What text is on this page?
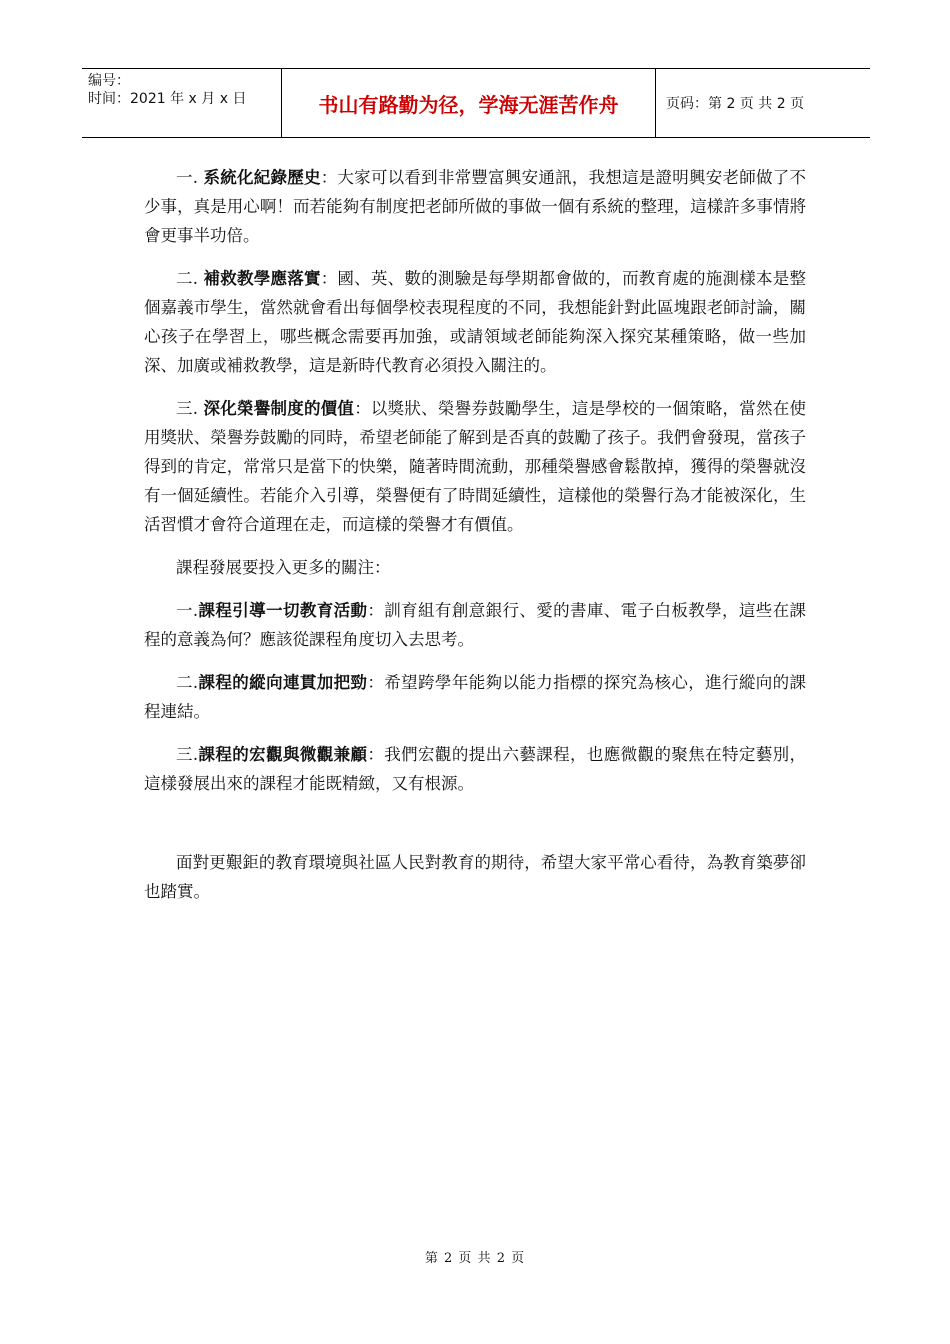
编号：
时间：2021 年 x 月 x 日	书山有路勤为径，学海无涯苦作舟	页码：第 2 页 共 2 页

一. 系統化紀錄歷史：大家可以看到非常豐富興安通訊，我想這是證明興安老師做了不少事，真是用心啊！而若能夠有制度把老師所做的事做一個有系統的整理，這樣許多事情將會更事半功倍。

二. 補救教學應落實：國、英、數的測驗是每學期都會做的，而教育處的施測樣本是整個嘉義市學生，當然就會看出每個學校表現程度的不同，我想能針對此區塊跟老師討論，關心孩子在學習上，哪些概念需要再加強，或請領域老師能夠深入探究某種策略，做一些加深、加廣或補救教學，這是新時代教育必須投入關注的。

三. 深化榮譽制度的價值：以獎狀、榮譽券鼓勵學生，這是學校的一個策略，當然在使用獎狀、榮譽券鼓勵的同時，希望老師能了解到是否真的鼓勵了孩子。我們會發現，當孩子得到的肯定，常常只是當下的快樂，隨著時間流動，那種榮譽感會鬆散掉，獲得的榮譽就沒有一個延續性。若能介入引導，榮譽便有了時間延續性，這樣他的榮譽行為才能被深化，生活習慣才會符合道理在走，而這樣的榮譽才有價值。

課程發展要投入更多的關注：

一.課程引導一切教育活動：訓育組有創意銀行、愛的書庫、電子白板教學，這些在課程的意義為何？應該從課程角度切入去思考。

二.課程的縱向連貫加把勁：希望跨學年能夠以能力指標的探究為核心，進行縱向的課程連結。

三.課程的宏觀與微觀兼顧：我們宏觀的提出六藝課程，也應微觀的聚焦在特定藝別，這樣發展出來的課程才能既精緻，又有根源。

面對更艱鉅的教育環境與社區人民對教育的期待，希望大家平常心看待，為教育築夢卻也踏實。

第 2 页 共 2 页
